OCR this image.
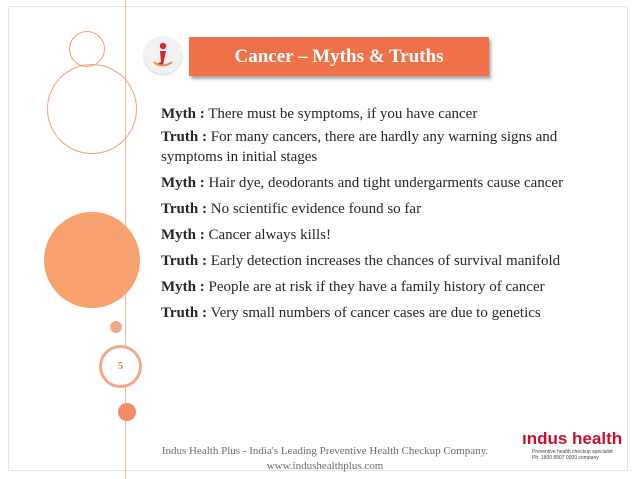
5
Cancer – Myths & Truths

Myth : There must be symptoms, if you have cancer

Truth : For many cancers, there are hardly any warning signs and symptoms in initial stages

Myth : Hair dye, deodorants and tight undergarments cause cancer

Truth : No scientific evidence found so far

Myth : Cancer always kills!

Truth : Early detection increases the chances of survival manifold

Myth : People are at risk if they have a family history of cancer

Truth : Very small numbers of cancer cases are due to genetics

Indus Health Plus - India's Leading Preventive Health Checkup Company.
www.indushealthplus.com
ındus health
Preventive health checkup specialist
Ph: 1800 8907 0000 company
